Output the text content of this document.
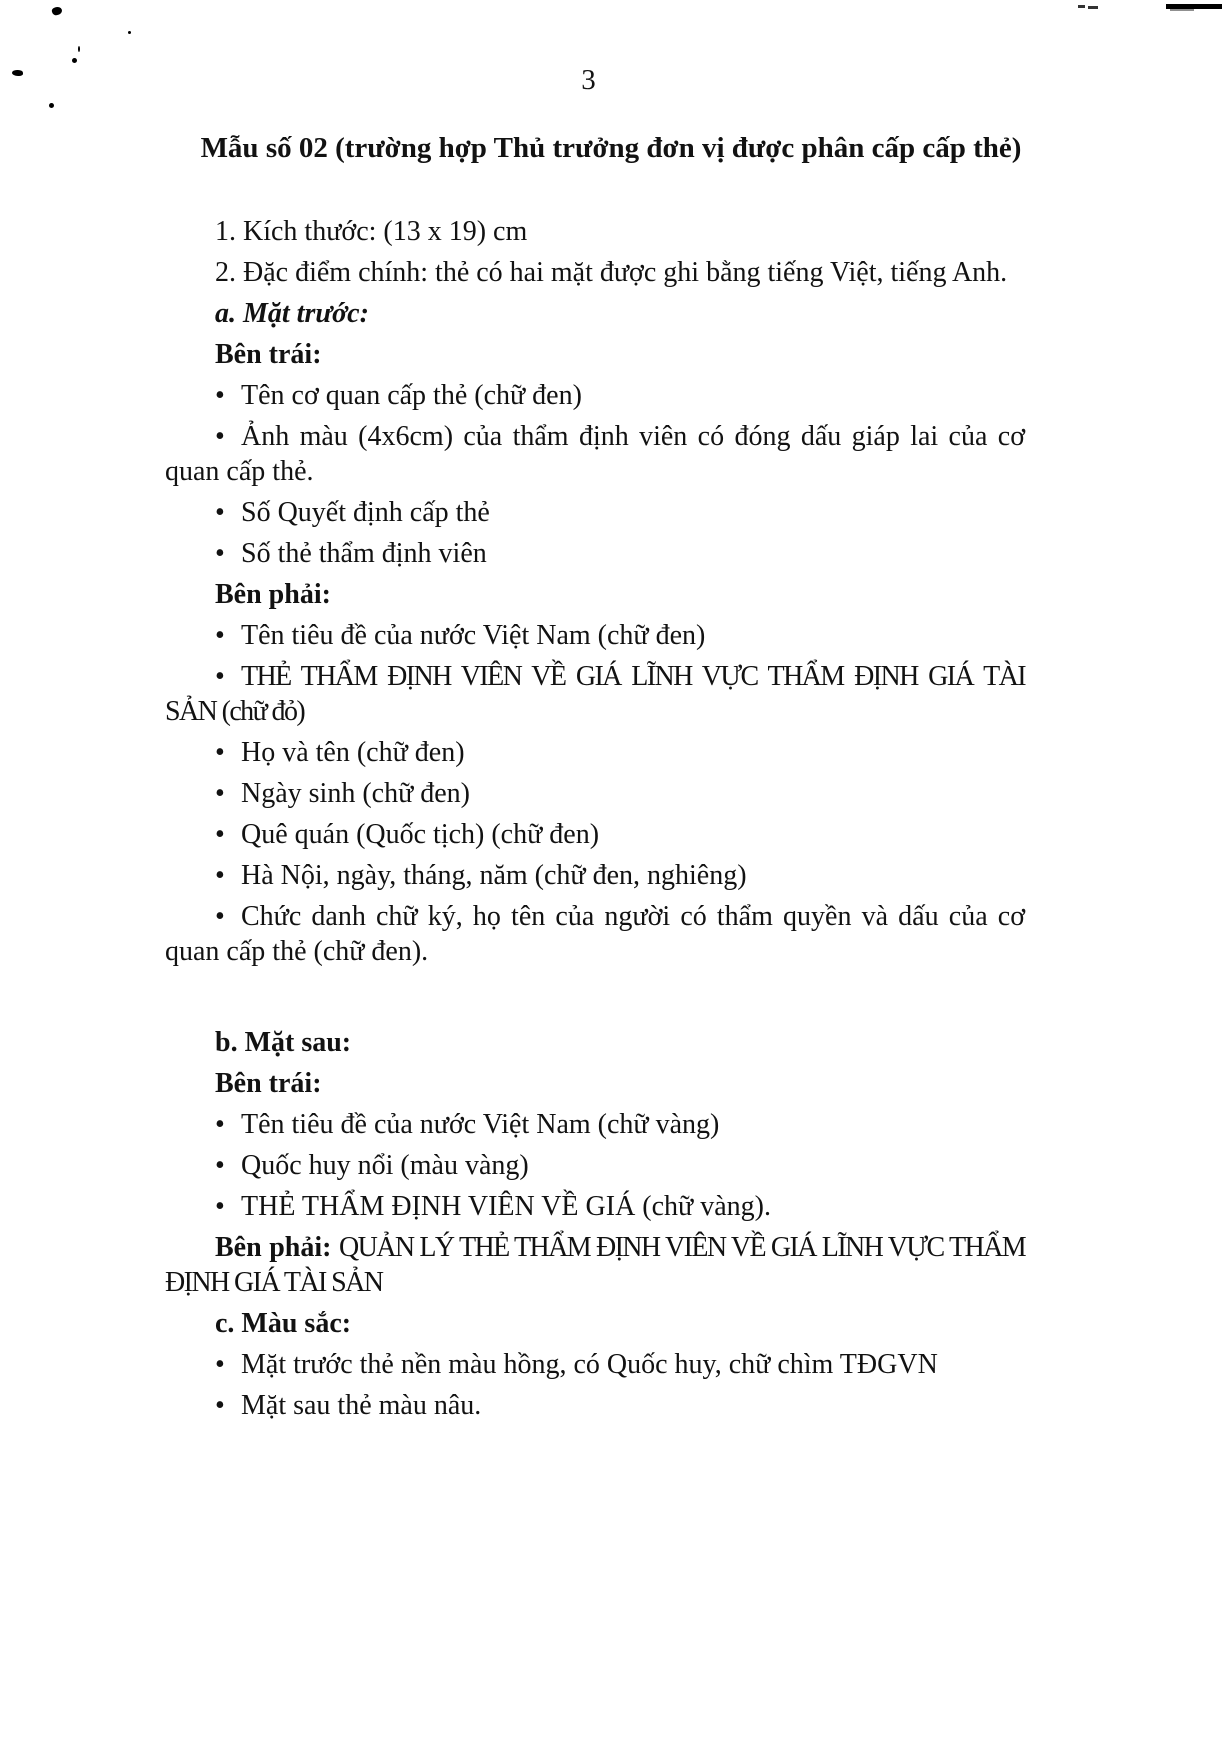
3
Mẫu số 02 (trường hợp Thủ trưởng đơn vị được phân cấp cấp thẻ)

1. Kích thước: (13 x 19) cm

2. Đặc điểm chính: thẻ có hai mặt được ghi bằng tiếng Việt, tiếng Anh.

a. Mặt trước:

Bên trái:

• Tên cơ quan cấp thẻ (chữ đen)

• Ảnh màu (4x6cm) của thẩm định viên có đóng dấu giáp lai của cơ quan cấp thẻ.

• Số Quyết định cấp thẻ

• Số thẻ thẩm định viên

Bên phải:

• Tên tiêu đề của nước Việt Nam (chữ đen)

• THẺ THẨM ĐỊNH VIÊN VỀ GIÁ LĨNH VỰC THẨM ĐỊNH GIÁ TÀI SẢN (chữ đỏ)

• Họ và tên (chữ đen)

• Ngày sinh (chữ đen)

• Quê quán (Quốc tịch) (chữ đen)

• Hà Nội, ngày, tháng, năm (chữ đen, nghiêng)

• Chức danh chữ ký, họ tên của người có thẩm quyền và dấu của cơ quan cấp thẻ (chữ đen).

b. Mặt sau:

Bên trái:

• Tên tiêu đề của nước Việt Nam (chữ vàng)

• Quốc huy nổi (màu vàng)

• THẺ THẨM ĐỊNH VIÊN VỀ GIÁ (chữ vàng).

Bên phải: QUẢN LÝ THẺ THẨM ĐỊNH VIÊN VỀ GIÁ LĨNH VỰC THẨM ĐỊNH GIÁ TÀI SẢN

c. Màu sắc:

• Mặt trước thẻ nền màu hồng, có Quốc huy, chữ chìm TĐGVN

• Mặt sau thẻ màu nâu.
